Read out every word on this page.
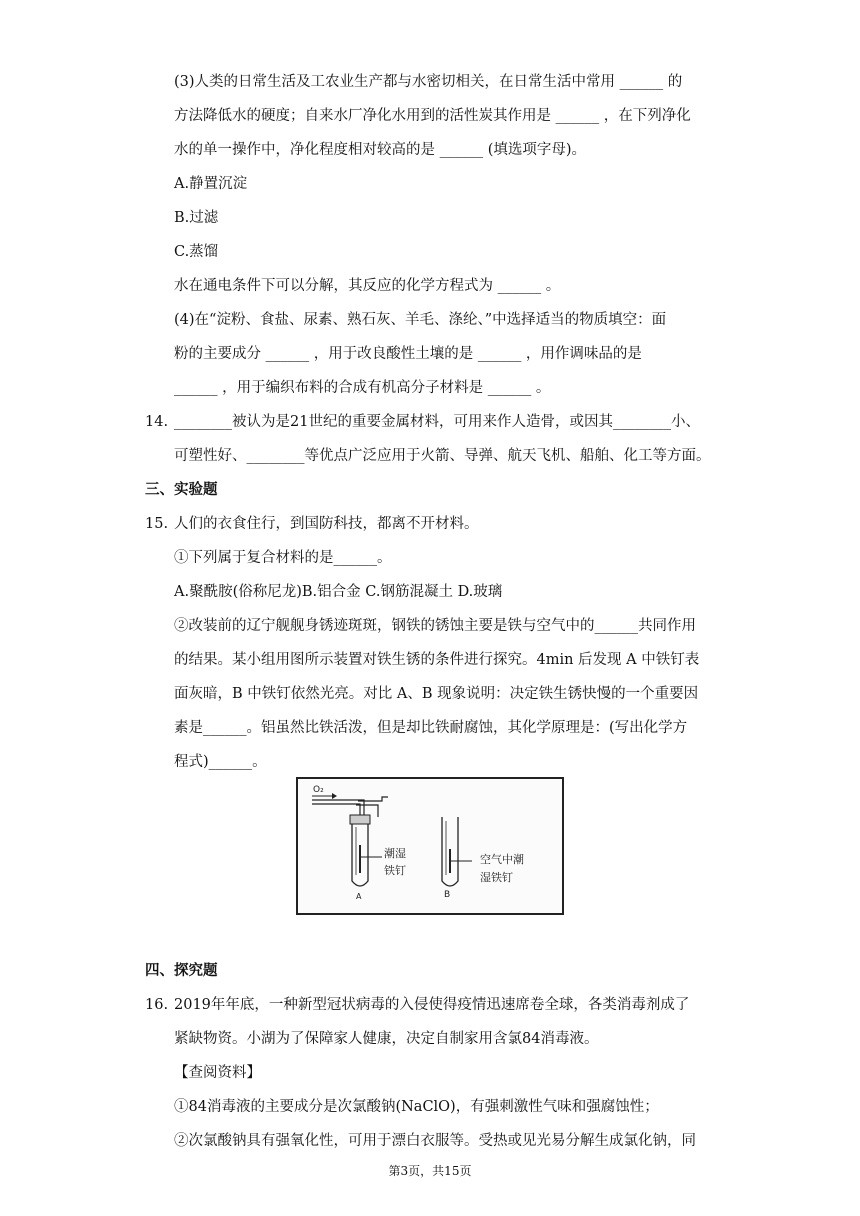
(3)人类的日常生活及工农业生产都与水密切相关，在日常生活中常用 ______ 的
方法降低水的硬度；自来水厂净化水用到的活性炭其作用是 ______ ，在下列净化
水的单一操作中，净化程度相对较高的是 ______ (填选项字母)。
A.静置沉淀
B.过滤
C.蒸馏
水在通电条件下可以分解，其反应的化学方程式为 ______ 。
(4)在“淀粉、食盐、尿素、熟石灰、羊毛、涤纶、”中选择适当的物质填空：面
粉的主要成分 ______ ，用于改良酸性土壤的是 ______ ，用作调味品的是
______ ，用于编织布料的合成有机高分子材料是 ______ 。
14. ________被认为是21世纪的重要金属材料，可用来作人造骨，或因其________小、
可塑性好、________等优点广泛应用于火箭、导弹、航天飞机、船舶、化工等方面。
三、实验题
15. 人们的衣食住行，到国防科技，都离不开材料。
①下列属于复合材料的是______。
A.聚酰胺(俗称尼龙)B.铝合金 C.钢筋混凝土 D.玻璃
②改装前的辽宁舰舰身锈迹斑斑，钢铁的锈蚀主要是铁与空气中的______共同作用
的结果。某小组用图所示装置对铁生锈的条件进行探究。4min 后发现 A 中铁钉表
面灰暗，B 中铁钉依然光亮。对比 A、B 现象说明：决定铁生锈快慢的一个重要因
素是______。铝虽然比铁活泼，但是却比铁耐腐蚀，其化学原理是：(写出化学方
程式)______。
O₂
潮湿
铁钉
A
空气中潮
湿铁钉
B
四、探究题
16. 2019年年底，一种新型冠状病毒的入侵使得疫情迅速席卷全球，各类消毒剂成了
紧缺物资。小湖为了保障家人健康，决定自制家用含氯84消毒液。
【查阅资料】
①84消毒液的主要成分是次氯酸钠(NaClO)，有强刺激性气味和强腐蚀性；
②次氯酸钠具有强氧化性，可用于漂白衣服等。受热或见光易分解生成氯化钠，同
第3页，共15页
